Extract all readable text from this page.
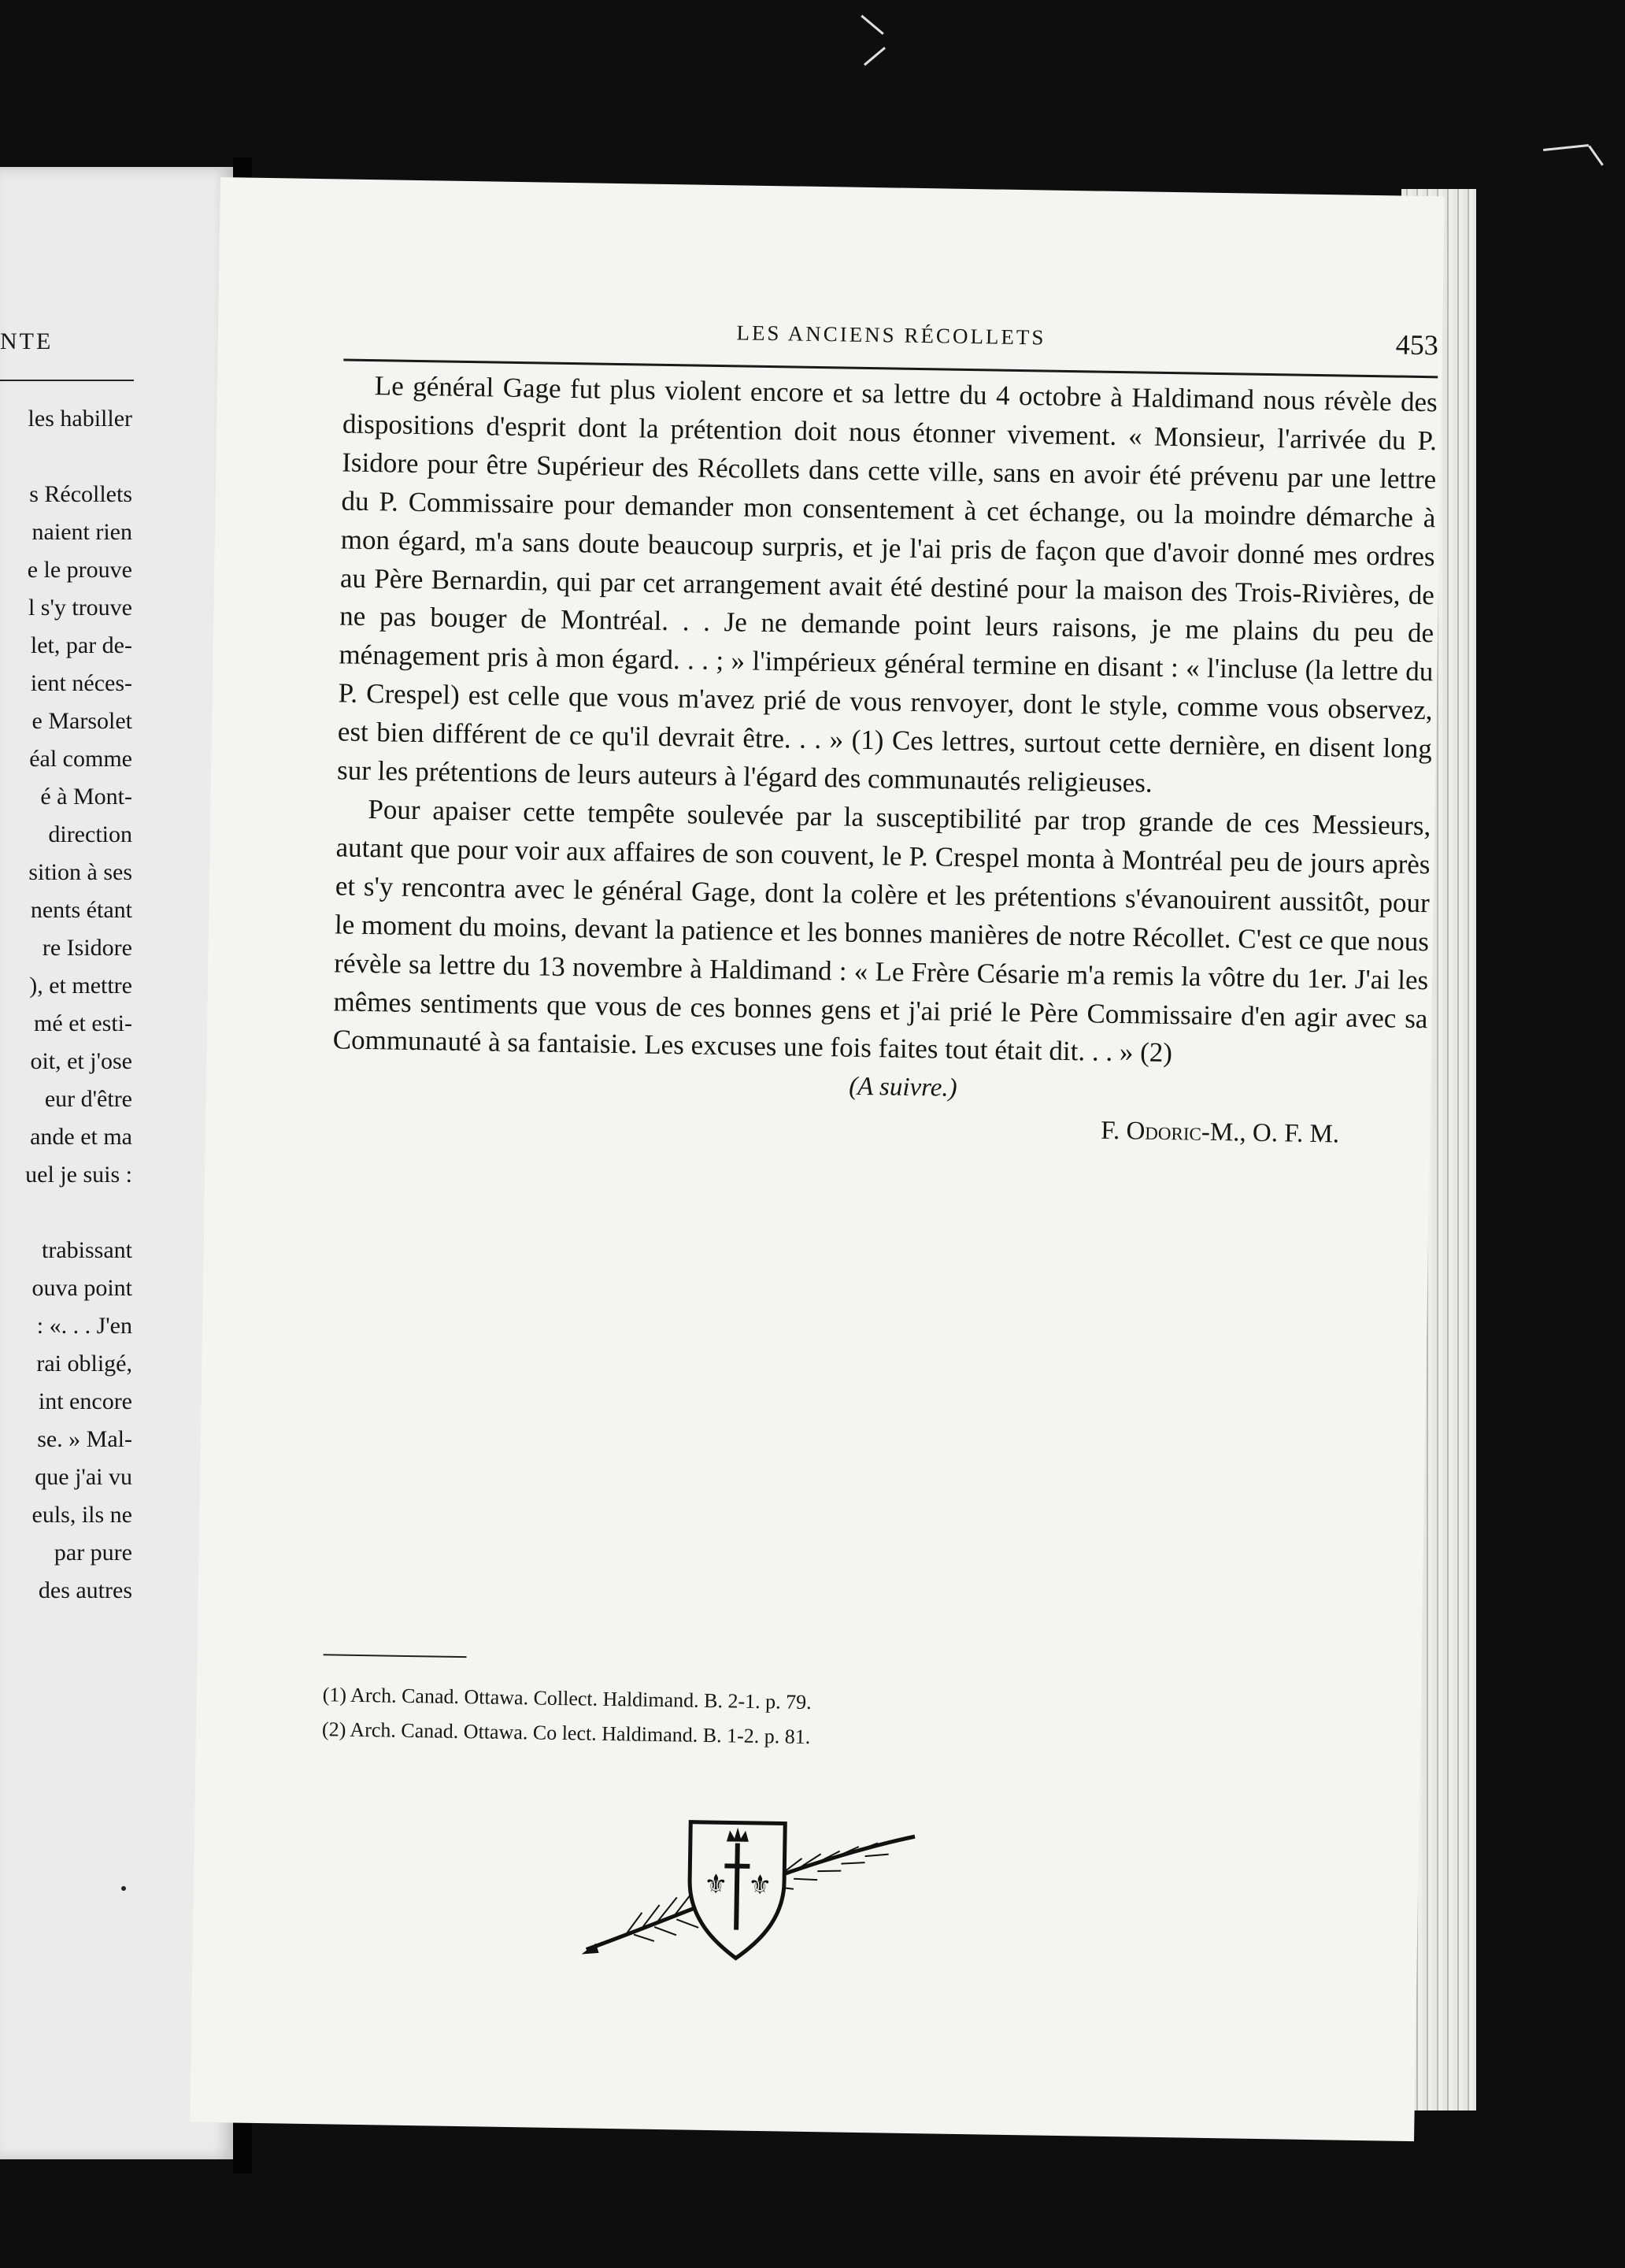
NTE
les habiller
s Récollets
naient rien
e le prouve
l s'y trouve
let, par de-
ient néces-
e Marsolet
éal comme
é à Mont-
direction
sition à ses
nents étant
re Isidore
), et mettre
mé et esti-
oit, et j'ose
eur d'être
ande et ma
uel je suis :
trabissant
ouva point
: «. . . J'en
rai obligé,
int encore
se. » Mal-
que j'ai vu
euls, ils ne
par pure
des autres
LES ANCIENS RÉCOLLETS	453

Le général Gage fut plus violent encore et sa lettre du 4 octobre à Haldimand nous révèle des dispositions d'esprit dont la prétention doit nous étonner vivement. « Monsieur, l'arrivée du P. Isidore pour être Supérieur des Récollets dans cette ville, sans en avoir été prévenu par une lettre du P. Commissaire pour demander mon consentement à cet échange, ou la moindre démarche à mon égard, m'a sans doute beaucoup surpris, et je l'ai pris de façon que d'avoir donné mes ordres au Père Bernardin, qui par cet arrangement avait été destiné pour la maison des Trois-Rivières, de ne pas bouger de Montréal. . . Je ne demande point leurs raisons, je me plains du peu de ménagement pris à mon égard. . . ; » l'impérieux général termine en disant : « l'incluse (la lettre du P. Crespel) est celle que vous m'avez prié de vous renvoyer, dont le style, comme vous observez, est bien différent de ce qu'il devrait être. . . » (1) Ces lettres, surtout cette dernière, en disent long sur les prétentions de leurs auteurs à l'égard des communautés religieuses.

Pour apaiser cette tempête soulevée par la susceptibilité par trop grande de ces Messieurs, autant que pour voir aux affaires de son couvent, le P. Crespel monta à Montréal peu de jours après et s'y rencontra avec le général Gage, dont la colère et les prétentions s'évanouirent aussitôt, pour le moment du moins, devant la patience et les bonnes manières de notre Récollet. C'est ce que nous révèle sa lettre du 13 novembre à Haldimand : « Le Frère Césarie m'a remis la vôtre du 1er. J'ai les mêmes sentiments que vous de ces bonnes gens et j'ai prié le Père Commissaire d'en agir avec sa Communauté à sa fantaisie. Les excuses une fois faites tout était dit. . . » (2)

(A suivre.)
F. Odoric-M., O. F. M.
(1) Arch. Canad. Ottawa. Collect. Haldimand. B. 2-1. p. 79.
(2) Arch. Canad. Ottawa. Co lect. Haldimand. B. 1-2. p. 81.
⚜ ⚜
